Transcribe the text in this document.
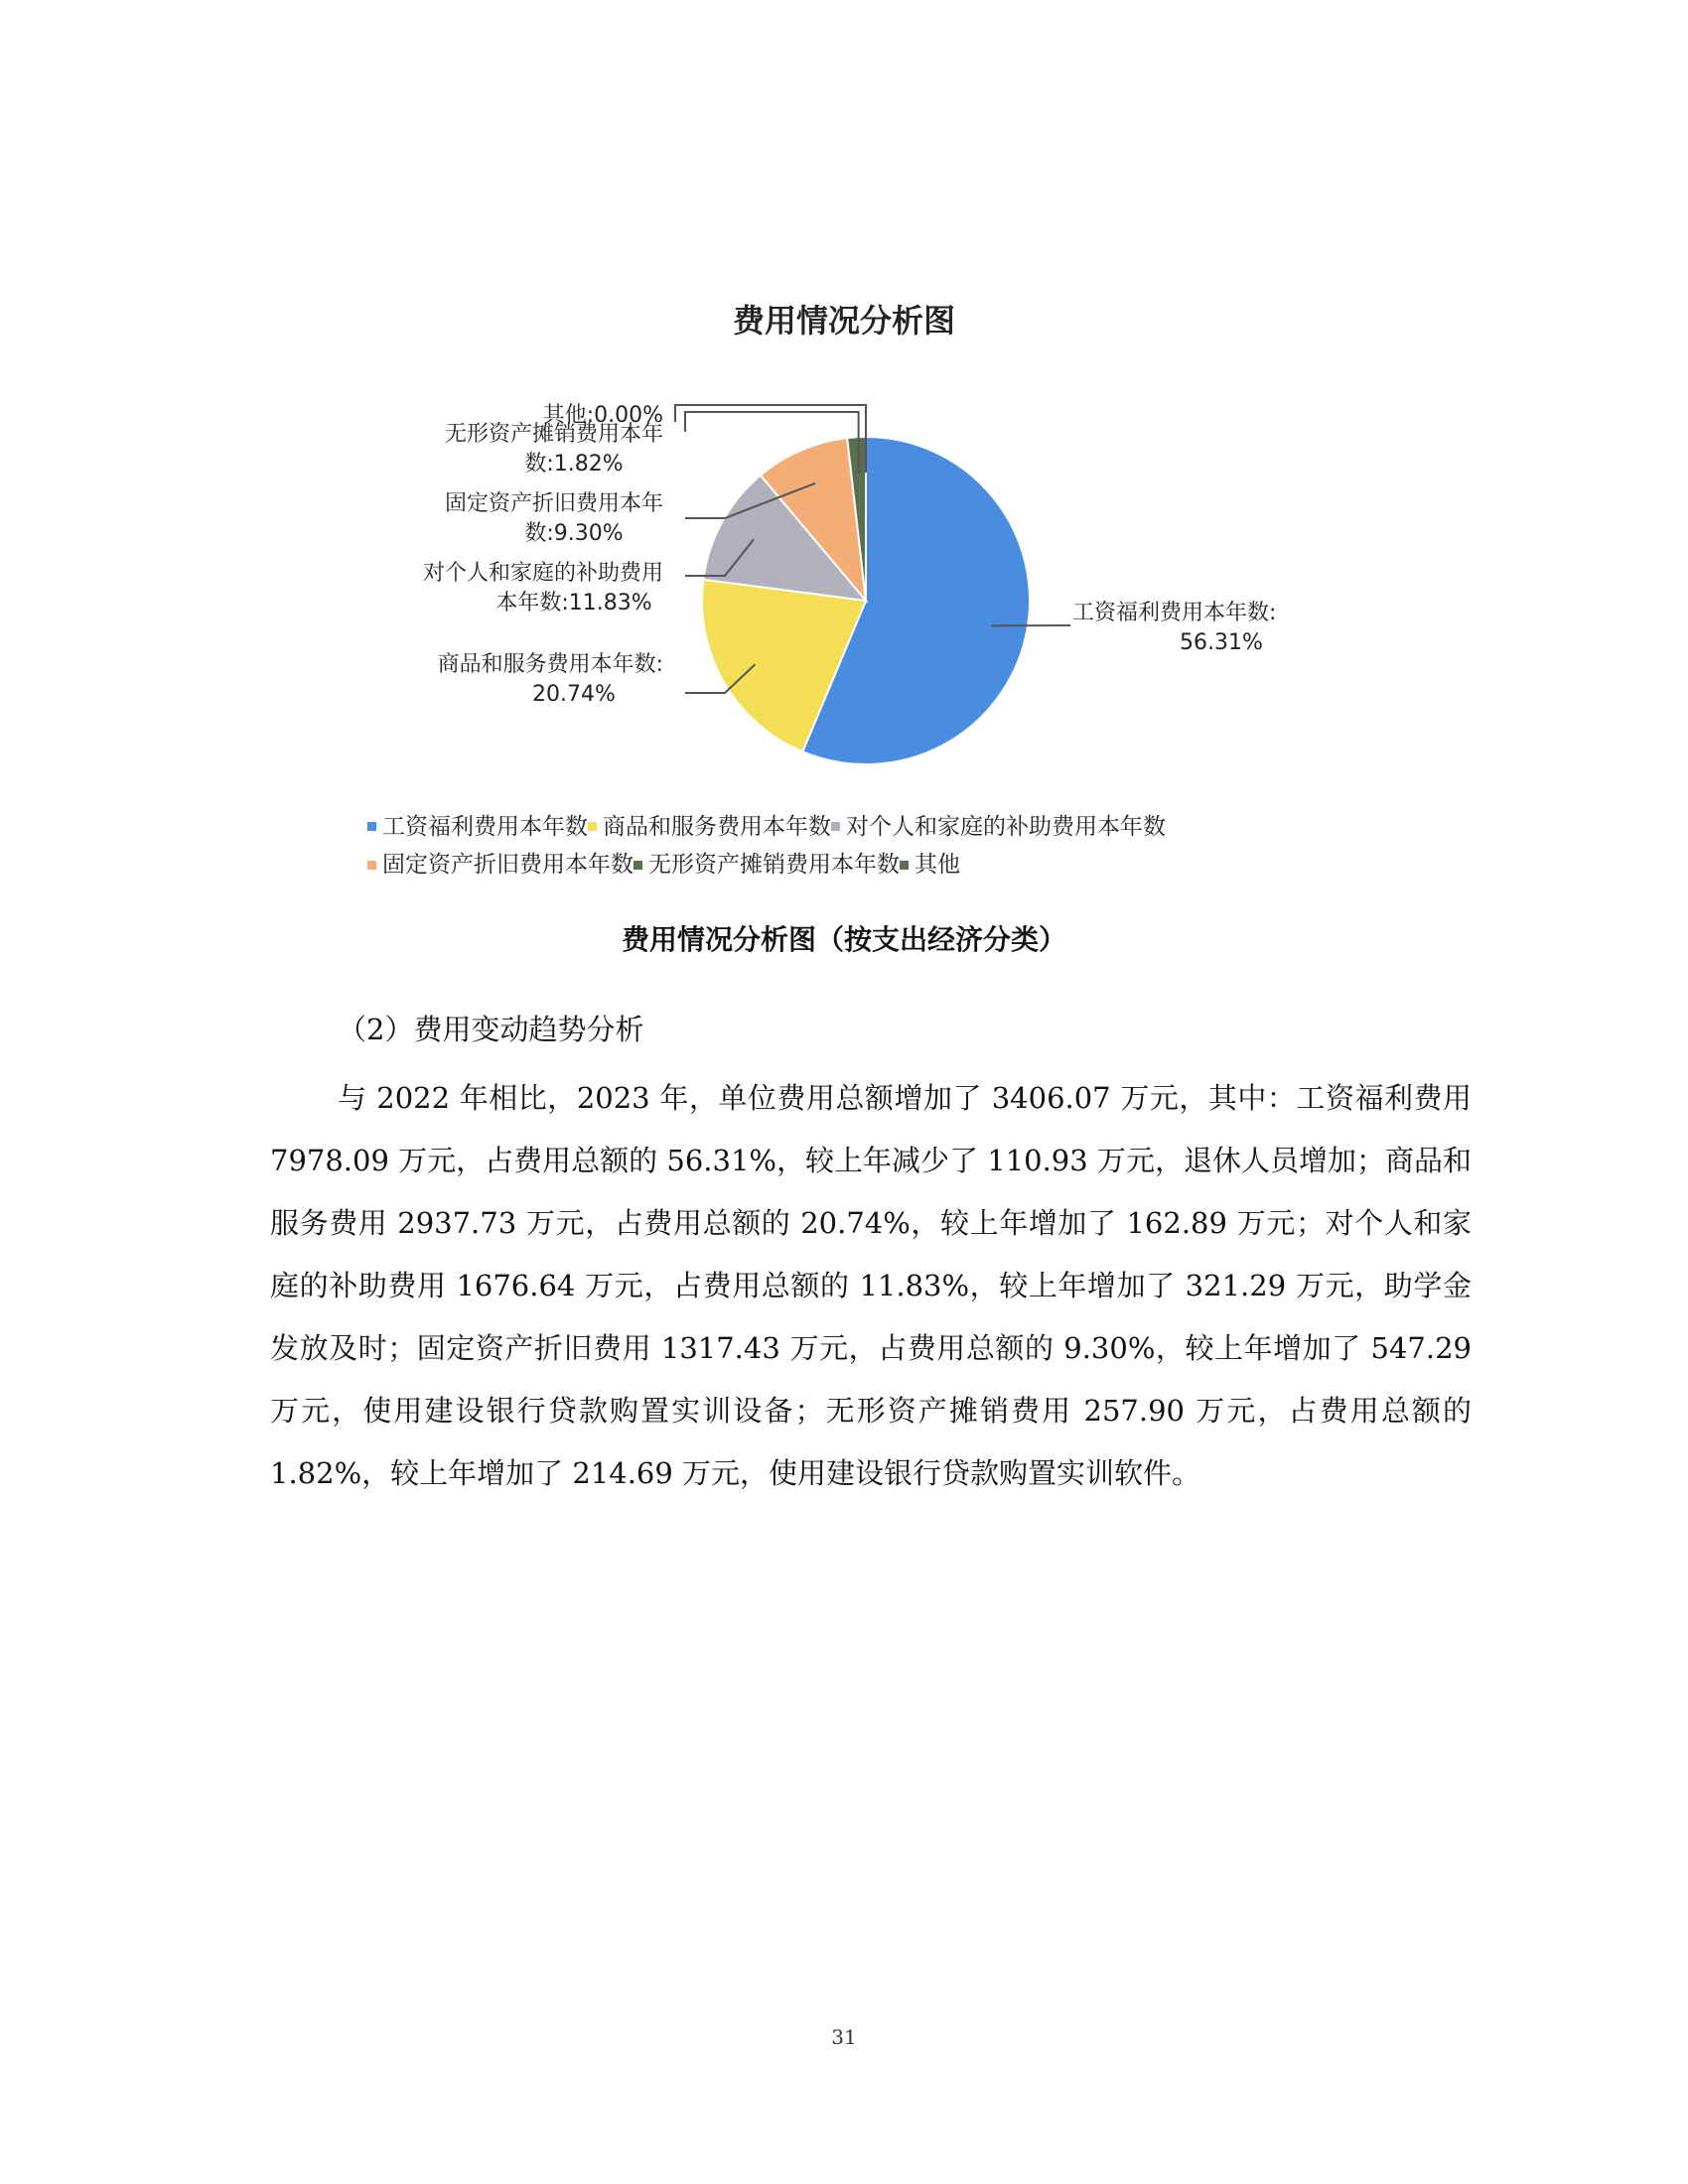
费用情况分析图
工资福利费用本年数:
56.31%
商品和服务费用本年数:
20.74%
对个人和家庭的补助费用
本年数:11.83%
固定资产折旧费用本年
数:9.30%
无形资产摊销费用本年
数:1.82%
其他:0.00%
工资福利费用本年数 商品和服务费用本年数 对个人和家庭的补助费用本年数
固定资产折旧费用本年数 无形资产摊销费用本年数 其他
费用情况分析图（按支出经济分类）
（2）费用变动趋势分析
与 2022 年相比，2023 年，单位费用总额增加了 3406.07 万元，其中：工资福利费用 7978.09 万元，占费用总额的 56.31%，较上年减少了 110.93 万元，退休人员增加；商品和服务费用 2937.73 万元，占费用总额的 20.74%，较上年增加了 162.89 万元；对个人和家庭的补助费用 1676.64 万元，占费用总额的 11.83%，较上年增加了 321.29 万元，助学金发放及时；固定资产折旧费用 1317.43 万元，占费用总额的 9.30%，较上年增加了 547.29 万元，使用建设银行贷款购置实训设备；无形资产摊销费用 257.90 万元，占费用总额的 1.82%，较上年增加了 214.69 万元，使用建设银行贷款购置实训软件。
31
